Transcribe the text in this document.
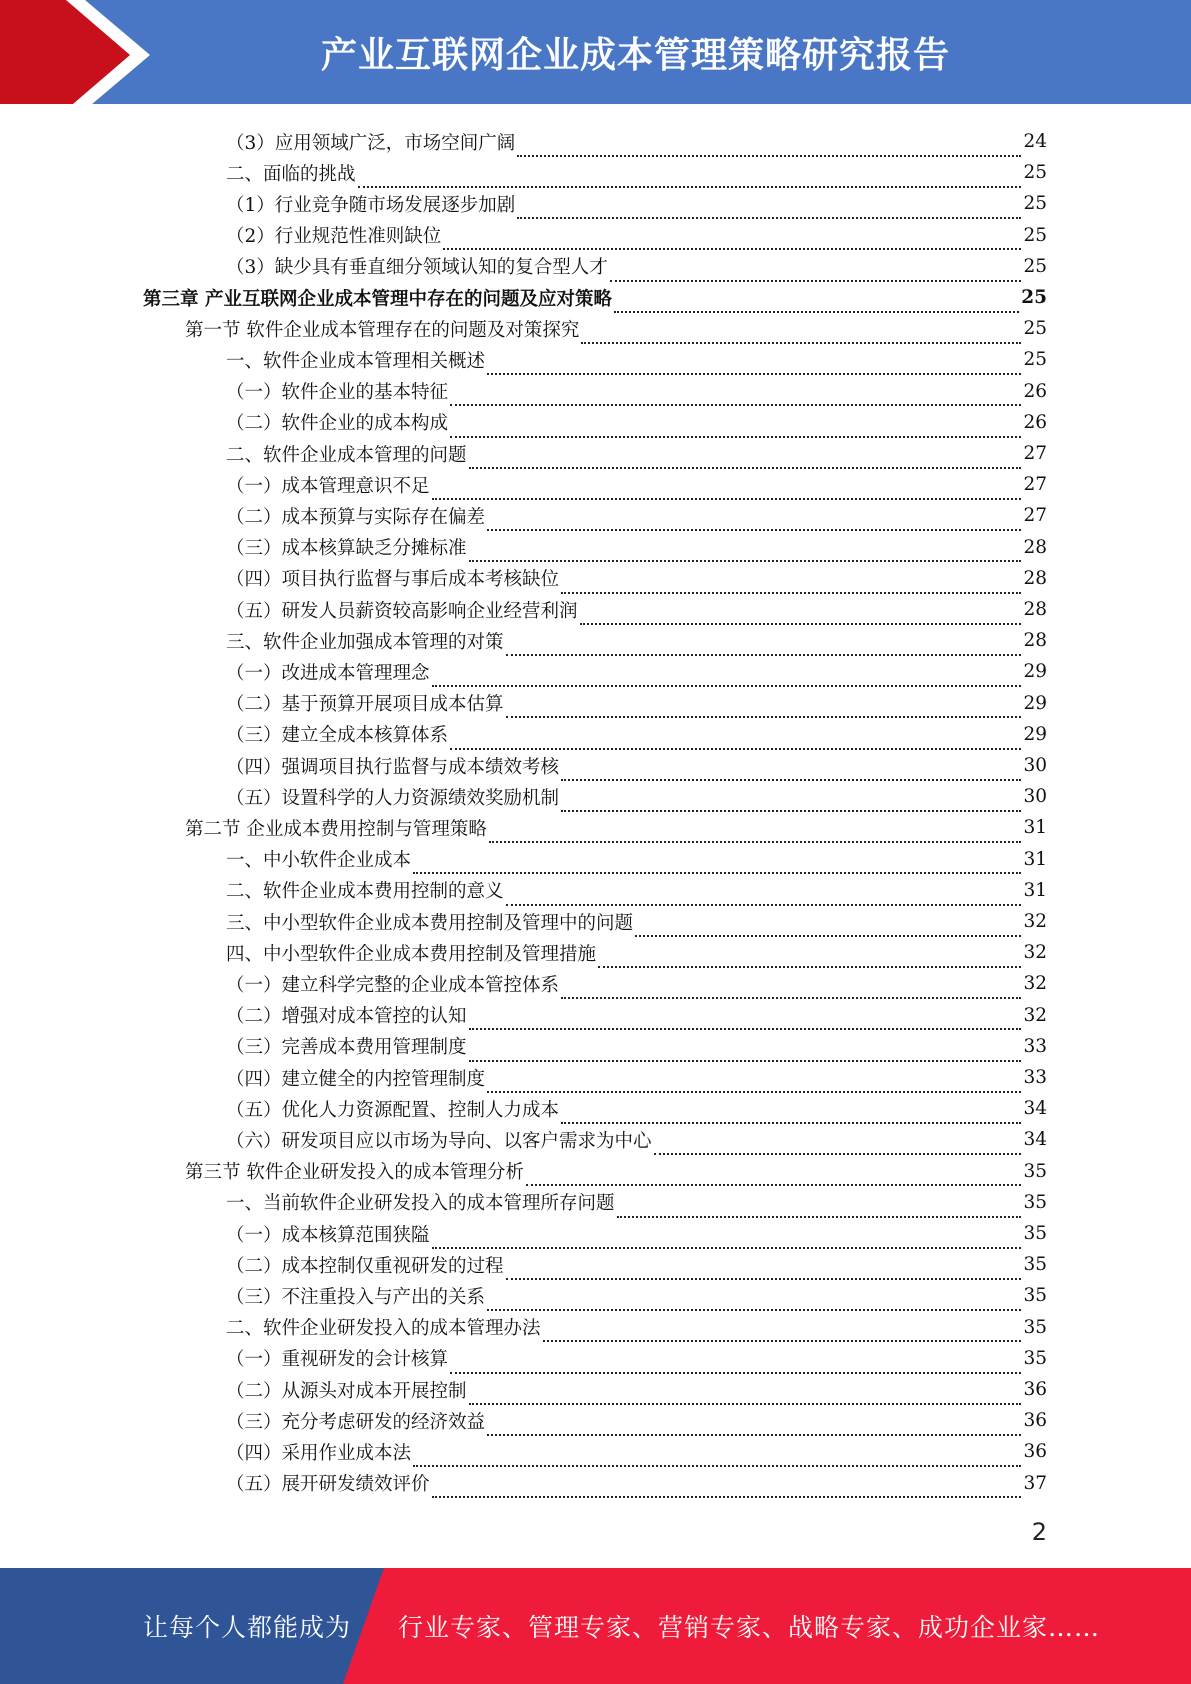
产业互联网企业成本管理策略研究报告
（3）应用领域广泛，市场空间广阔	24
二、面临的挑战	25
（1）行业竞争随市场发展逐步加剧	25
（2）行业规范性准则缺位	25
（3）缺少具有垂直细分领域认知的复合型人才	25
第三章 产业互联网企业成本管理中存在的问题及应对策略	25
第一节 软件企业成本管理存在的问题及对策探究	25
一、软件企业成本管理相关概述	25
（一）软件企业的基本特征	26
（二）软件企业的成本构成	26
二、软件企业成本管理的问题	27
（一）成本管理意识不足	27
（二）成本预算与实际存在偏差	27
（三）成本核算缺乏分摊标准	28
（四）项目执行监督与事后成本考核缺位	28
（五）研发人员薪资较高影响企业经营利润	28
三、软件企业加强成本管理的对策	28
（一）改进成本管理理念	29
（二）基于预算开展项目成本估算	29
（三）建立全成本核算体系	29
（四）强调项目执行监督与成本绩效考核	30
（五）设置科学的人力资源绩效奖励机制	30
第二节 企业成本费用控制与管理策略	31
一、中小软件企业成本	31
二、软件企业成本费用控制的意义	31
三、中小型软件企业成本费用控制及管理中的问题	32
四、中小型软件企业成本费用控制及管理措施	32
（一）建立科学完整的企业成本管控体系	32
（二）增强对成本管控的认知	32
（三）完善成本费用管理制度	33
（四）建立健全的内控管理制度	33
（五）优化人力资源配置、控制人力成本	34
（六）研发项目应以市场为导向、以客户需求为中心	34
第三节 软件企业研发投入的成本管理分析	35
一、当前软件企业研发投入的成本管理所存问题	35
（一）成本核算范围狭隘	35
（二）成本控制仅重视研发的过程	35
（三）不注重投入与产出的关系	35
二、软件企业研发投入的成本管理办法	35
（一）重视研发的会计核算	35
（二）从源头对成本开展控制	36
（三）充分考虑研发的经济效益	36
（四）采用作业成本法	36
（五）展开研发绩效评价	37
2
让每个人都能成为 行业专家、管理专家、营销专家、战略专家、成功企业家……
